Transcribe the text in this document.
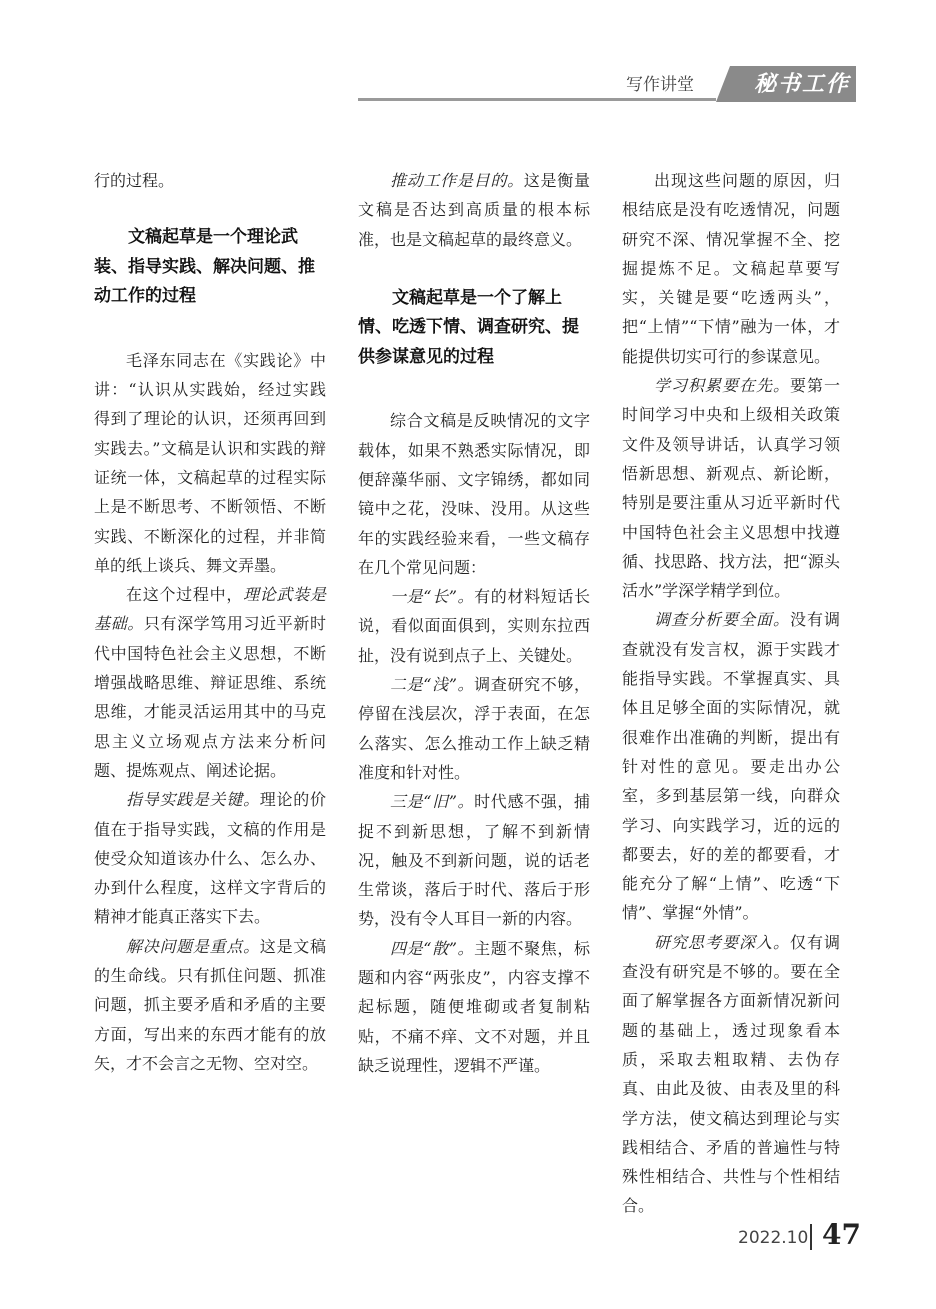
写作讲堂	秘书工作

行的过程。

文稿起草是一个理论武装、指导实践、解决问题、推动工作的过程

毛泽东同志在《实践论》中讲：“认识从实践始，经过实践得到了理论的认识，还须再回到实践去。”文稿是认识和实践的辩证统一体，文稿起草的过程实际上是不断思考、不断领悟、不断实践、不断深化的过程，并非简单的纸上谈兵、舞文弄墨。

在这个过程中，理论武装是基础。只有深学笃用习近平新时代中国特色社会主义思想，不断增强战略思维、辩证思维、系统思维，才能灵活运用其中的马克思主义立场观点方法来分析问题、提炼观点、阐述论据。

指导实践是关键。理论的价值在于指导实践，文稿的作用是使受众知道该办什么、怎么办、办到什么程度，这样文字背后的精神才能真正落实下去。

解决问题是重点。这是文稿的生命线。只有抓住问题、抓准问题，抓主要矛盾和矛盾的主要方面，写出来的东西才能有的放矢，才不会言之无物、空对空。

推动工作是目的。这是衡量文稿是否达到高质量的根本标准，也是文稿起草的最终意义。

文稿起草是一个了解上情、吃透下情、调查研究、提供参谋意见的过程

综合文稿是反映情况的文字载体，如果不熟悉实际情况，即便辞藻华丽、文字锦绣，都如同镜中之花，没味、没用。从这些年的实践经验来看，一些文稿存在几个常见问题：

一是“长”。有的材料短话长说，看似面面俱到，实则东拉西扯，没有说到点子上、关键处。

二是“浅”。调查研究不够，停留在浅层次，浮于表面，在怎么落实、怎么推动工作上缺乏精准度和针对性。

三是“旧”。时代感不强，捕捉不到新思想，了解不到新情况，触及不到新问题，说的话老生常谈，落后于时代、落后于形势，没有令人耳目一新的内容。

四是“散”。主题不聚焦，标题和内容“两张皮”，内容支撑不起标题，随便堆砌或者复制粘贴，不痛不痒、文不对题，并且缺乏说理性，逻辑不严谨。

出现这些问题的原因，归根结底是没有吃透情况，问题研究不深、情况掌握不全、挖掘提炼不足。文稿起草要写实，关键是要“吃透两头”，把“上情”“下情”融为一体，才能提供切实可行的参谋意见。

学习积累要在先。要第一时间学习中央和上级相关政策文件及领导讲话，认真学习领悟新思想、新观点、新论断，特别是要注重从习近平新时代中国特色社会主义思想中找遵循、找思路、找方法，把“源头活水”学深学精学到位。

调查分析要全面。没有调查就没有发言权，源于实践才能指导实践。不掌握真实、具体且足够全面的实际情况，就很难作出准确的判断，提出有针对性的意见。要走出办公室，多到基层第一线，向群众学习、向实践学习，近的远的都要去，好的差的都要看，才能充分了解“上情”、吃透“下情”、掌握“外情”。

研究思考要深入。仅有调查没有研究是不够的。要在全面了解掌握各方面新情况新问题的基础上，透过现象看本质，采取去粗取精、去伪存真、由此及彼、由表及里的科学方法，使文稿达到理论与实践相结合、矛盾的普遍性与特殊性相结合、共性与个性相结合。

2022.10 47
